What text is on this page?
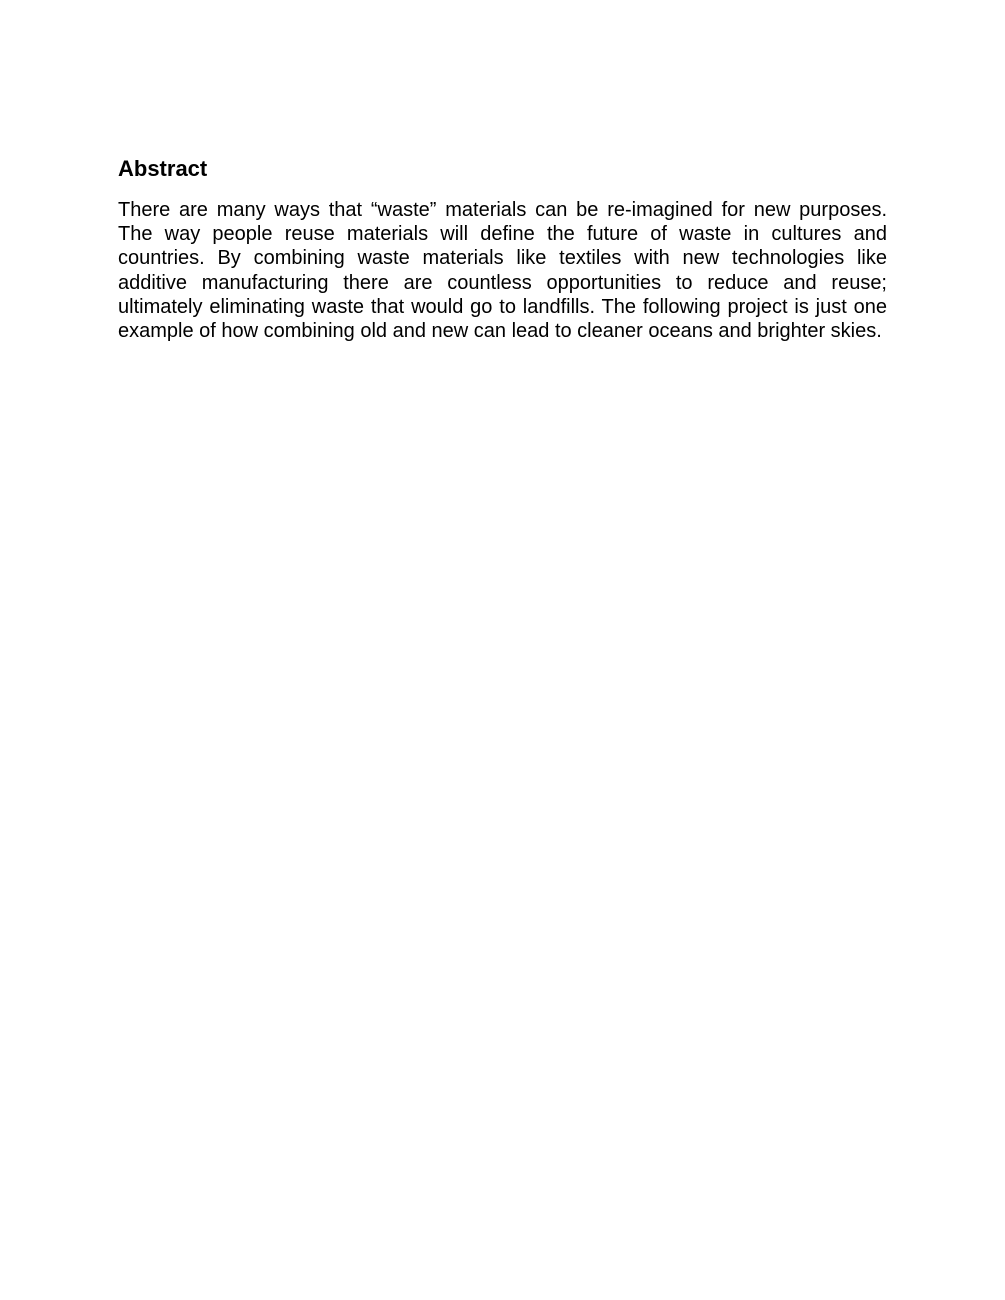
Abstract

There are many ways that “waste” materials can be re-imagined for new purposes. The way people reuse materials will define the future of waste in cultures and countries. By combining waste materials like textiles with new technologies like additive manufacturing there are countless opportunities to reduce and reuse; ultimately eliminating waste that would go to landfills. The following project is just one example of how combining old and new can lead to cleaner oceans and brighter skies.
